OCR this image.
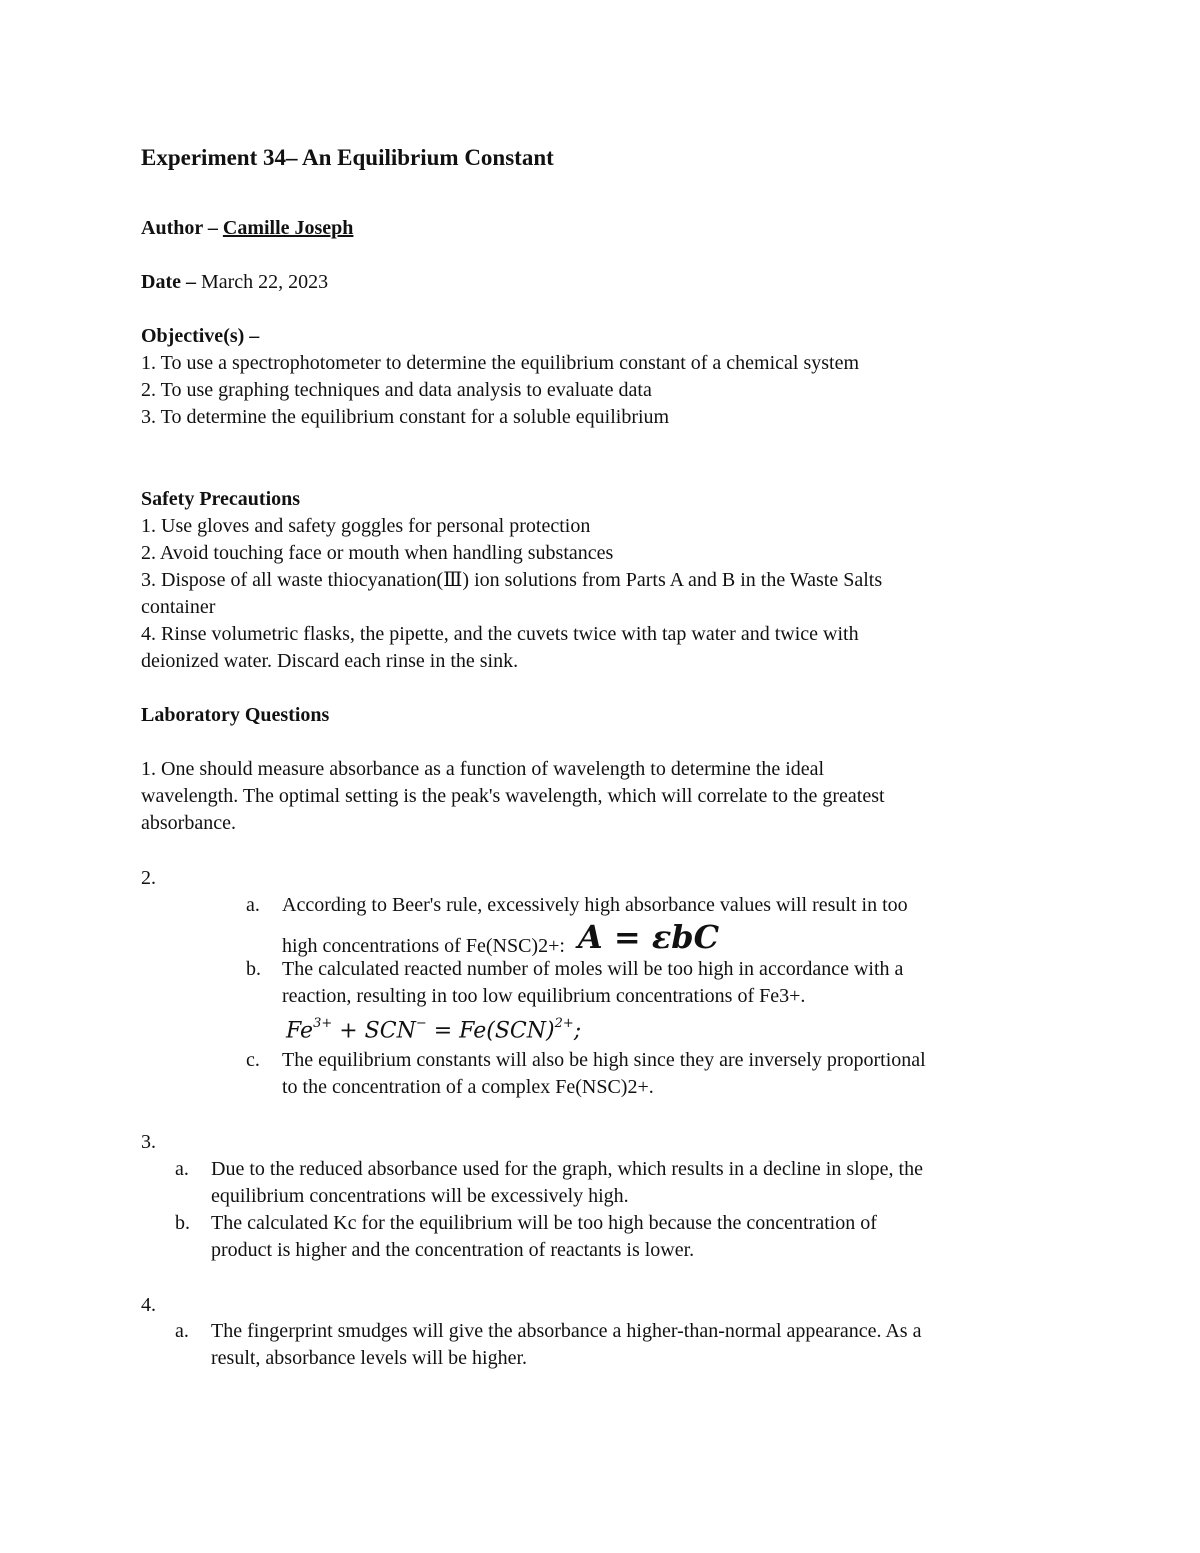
Experiment 34– An Equilibrium Constant
Author – Camille Joseph
Date – March 22, 2023
Objective(s) –
1. To use a spectrophotometer to determine the equilibrium constant of a chemical system
2. To use graphing techniques and data analysis to evaluate data
3. To determine the equilibrium constant for a soluble equilibrium
Safety Precautions
1. Use gloves and safety goggles for personal protection
2. Avoid touching face or mouth when handling substances
3. Dispose of all waste thiocyanation(Ⅲ) ion solutions from Parts A and B in the Waste Salts
container
4. Rinse volumetric flasks, the pipette, and the cuvets twice with tap water and twice with
deionized water. Discard each rinse in the sink.
Laboratory Questions
1. One should measure absorbance as a function of wavelength to determine the ideal
wavelength. The optimal setting is the peak's wavelength, which will correlate to the greatest
absorbance.
2.
a. According to Beer's rule, excessively high absorbance values will result in too
high concentrations of Fe(NSC)2+: A = εbC
b. The calculated reacted number of moles will be too high in accordance with a
reaction, resulting in too low equilibrium concentrations of Fe3+.
$Fe^{3+} + SCN^- = Fe(SCN)^{2+}$;
c. The equilibrium constants will also be high since they are inversely proportional
to the concentration of a complex Fe(NSC)2+.
3.
a. Due to the reduced absorbance used for the graph, which results in a decline in slope, the
equilibrium concentrations will be excessively high.
b. The calculated Kc for the equilibrium will be too high because the concentration of
product is higher and the concentration of reactants is lower.
4.
a. The fingerprint smudges will give the absorbance a higher-than-normal appearance. As a
result, absorbance levels will be higher.
